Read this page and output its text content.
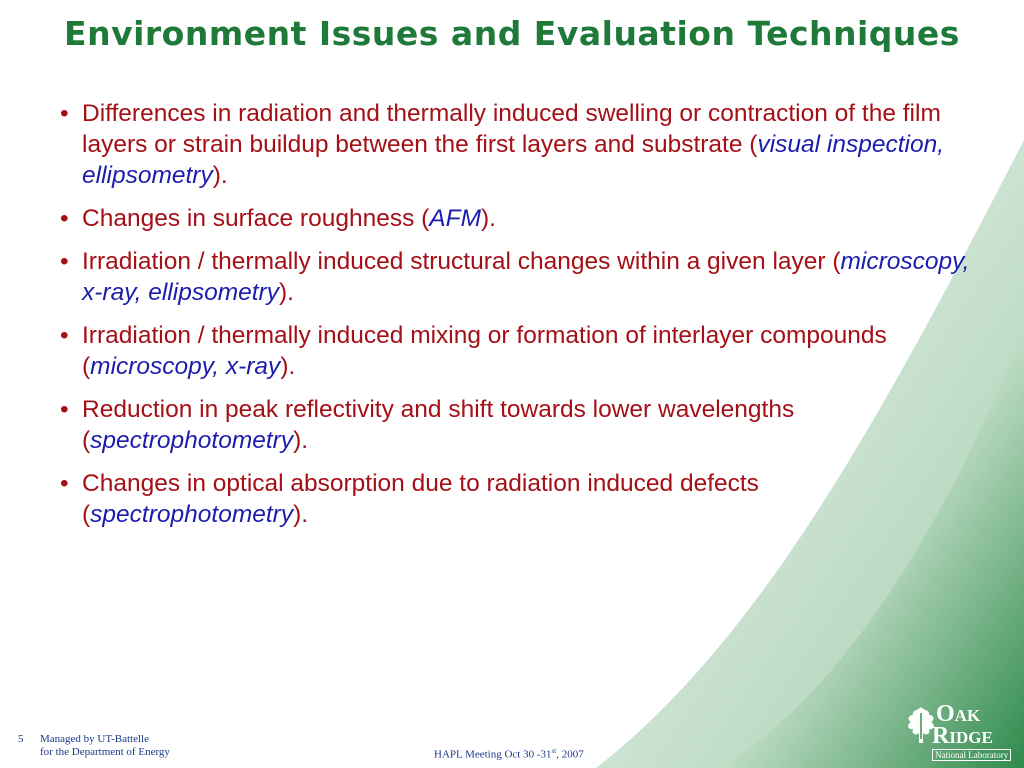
Environment Issues and Evaluation Techniques
• Differences in radiation and thermally induced swelling or contraction of the film layers or strain buildup between the first layers and substrate (visual inspection, ellipsometry).
• Changes in surface roughness (AFM).
• Irradiation / thermally induced structural changes within a given layer (microscopy, x-ray, ellipsometry).
• Irradiation / thermally induced mixing or formation of interlayer compounds (microscopy, x-ray).
• Reduction in peak reflectivity and shift towards lower wavelengths (spectrophotometry).
• Changes in optical absorption due to radiation induced defects (spectrophotometry).
5 Managed by UT-Battelle
for the Department of Energy	HAPL Meeting Oct 30 -31st, 2007
Oak
Ridge
National Laboratory
